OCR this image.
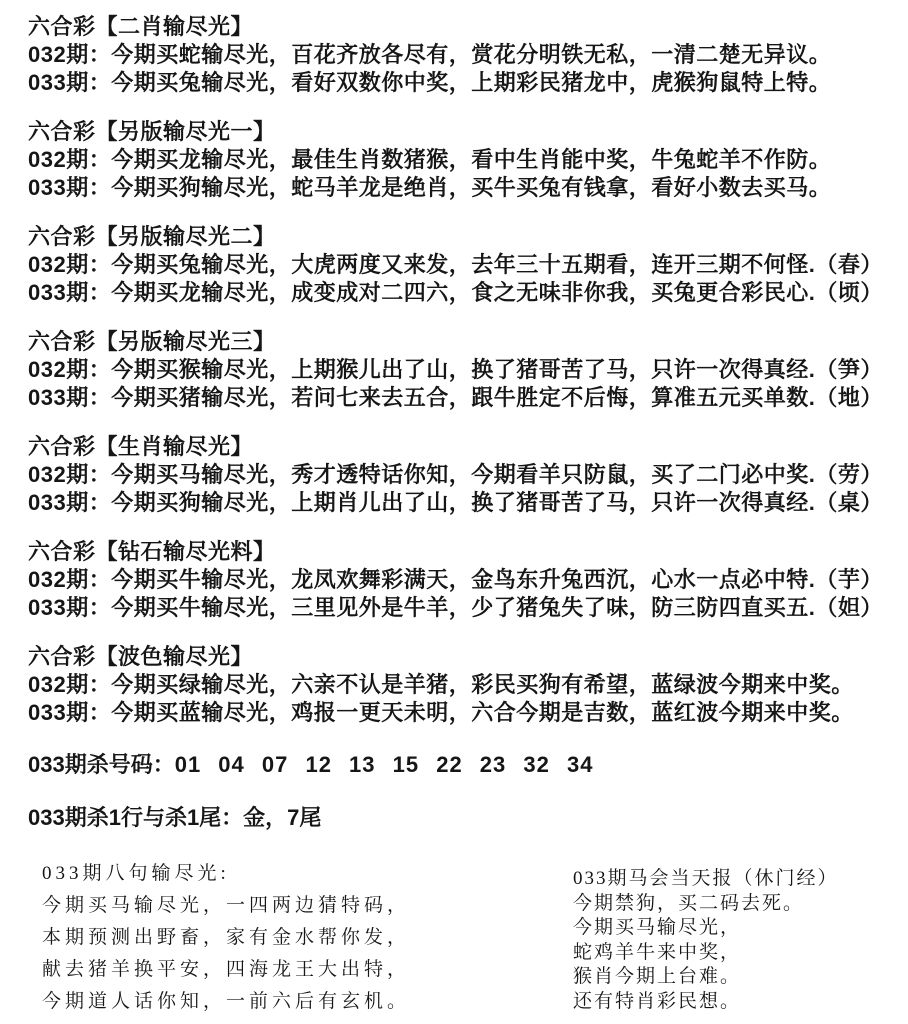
六合彩【二肖输尽光】

032期：今期买蛇输尽光，百花齐放各尽有，赏花分明铁无私，一清二楚无异议。

033期：今期买兔输尽光，看好双数你中奖，上期彩民猪龙中，虎猴狗鼠特上特。

六合彩【另版输尽光一】

032期：今期买龙输尽光，最佳生肖数猪猴，看中生肖能中奖，牛兔蛇羊不作防。

033期：今期买狗输尽光，蛇马羊龙是绝肖，买牛买兔有钱拿，看好小数去买马。

六合彩【另版输尽光二】

032期：今期买兔输尽光，大虎两度又来发，去年三十五期看，连开三期不何怪.（春）

033期：今期买龙输尽光，成变成对二四六，食之无味非你我，买兔更合彩民心.（顷）

六合彩【另版输尽光三】

032期：今期买猴输尽光，上期猴儿出了山，换了猪哥苦了马，只许一次得真经.（笋）

033期：今期买猪输尽光，若问七来去五合，跟牛胜定不后悔，算准五元买单数.（地）

六合彩【生肖输尽光】

032期：今期买马输尽光，秀才透特话你知，今期看羊只防鼠，买了二门必中奖.（劳）

033期：今期买狗输尽光，上期肖儿出了山，换了猪哥苦了马，只许一次得真经.（桌）

六合彩【钻石输尽光料】

032期：今期买牛输尽光，龙凤欢舞彩满天，金鸟东升兔西沉，心水一点必中特.（芋）

033期：今期买牛输尽光，三里见外是牛羊，少了猪兔失了味，防三防四直买五.（妲）

六合彩【波色输尽光】

032期：今期买绿输尽光，六亲不认是羊猪，彩民买狗有希望，蓝绿波今期来中奖。

033期：今期买蓝输尽光，鸡报一更天未明，六合今期是吉数，蓝红波今期来中奖。

033期杀号码：01 04 07 12 13 15 22 23 32 34

033期杀1行与杀1尾：金，7尾

033期八句输尽光:

今期买马输尽光，一四两边猜特码，

本期预测出野畜，家有金水帮你发，

献去猪羊换平安，四海龙王大出特，

今期道人话你知，一前六后有玄机。

033期马会当天报（休门经）

今期禁狗，买二码去死。

今期买马输尽光，

蛇鸡羊牛来中奖，

猴肖今期上台难。

还有特肖彩民想。
